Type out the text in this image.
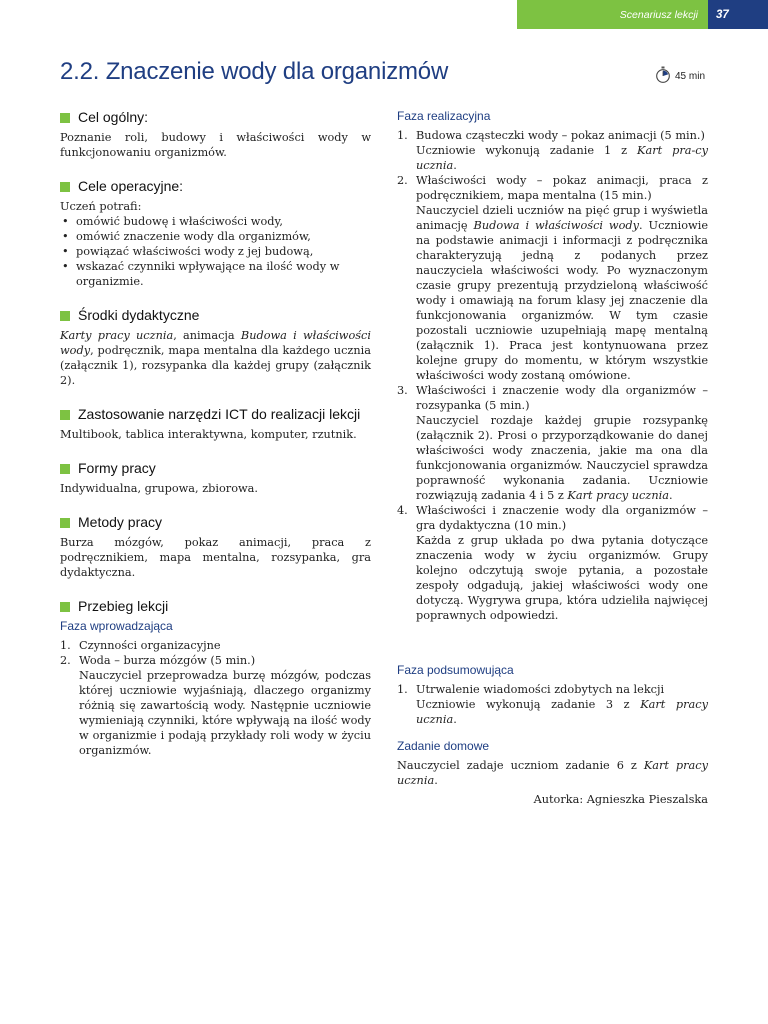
Scenariusz lekcji	37
2.2. Znaczenie wody dla organizmów	45 min
Cel ogólny:

Poznanie roli, budowy i właściwości wody w funkcjonowaniu organizmów.

Cele operacyjne:

Uczeń potrafi:

• omówić budowę i właściwości wody,
• omówić znaczenie wody dla organizmów,
• powiązać właściwości wody z jej budową,
• wskazać czynniki wpływające na ilość wody w organizmie.
Środki dydaktyczne

Karty pracy ucznia, animacja Budowa i właściwości wody, podręcznik, mapa mentalna dla każdego ucznia (załącznik 1), rozsypanka dla każdej grupy (załącznik 2).

Zastosowanie narzędzi ICT do realizacji lekcji

Multibook, tablica interaktywna, komputer, rzutnik.

Formy pracy

Indywidualna, grupowa, zbiorowa.

Metody pracy

Burza mózgów, pokaz animacji, praca z podręcznikiem, mapa mentalna, rozsypanka, gra dydaktyczna.

Przebieg lekcji
Faza wprowadzająca
1. Czynności organizacyjne
2. Woda – burza mózgów (5 min.)
Nauczyciel przeprowadza burzę mózgów, podczas której uczniowie wyjaśniają, dlaczego organizmy różnią się zawartością wody. Następnie uczniowie wymieniają czynniki, które wpływają na ilość wody w organizmie i podają przykłady roli wody w życiu organizmów.
Faza realizacyjna
1. Budowa cząsteczki wody – pokaz animacji (5 min.)
Uczniowie wykonują zadanie 1 z Kart pra-cy ucznia.
2. Właściwości wody – pokaz animacji, praca z podręcznikiem, mapa mentalna (15 min.)
Nauczyciel dzieli uczniów na pięć grup i wyświetla animację Budowa i właściwości wody. Uczniowie na podstawie animacji i informacji z podręcznika charakteryzują jedną z podanych przez nauczyciela właściwości wody. Po wyznaczonym czasie grupy prezentują przydzieloną właściwość wody i omawiają na forum klasy jej znaczenie dla funkcjonowania organizmów. W tym czasie pozostali uczniowie uzupełniają mapę mentalną (załącznik 1). Praca jest kontynuowana przez kolejne grupy do momentu, w którym wszystkie właściwości wody zostaną omówione.
3. Właściwości i znaczenie wody dla organizmów – rozsypanka (5 min.)
Nauczyciel rozdaje każdej grupie rozsypankę (załącznik 2). Prosi o przyporządkowanie do danej właściwości wody znaczenia, jakie ma ona dla funkcjonowania organizmów. Nauczyciel sprawdza poprawność wykonania zadania. Uczniowie rozwiązują zadania 4 i 5 z Kart pracy ucznia.
4. Właściwości i znaczenie wody dla organizmów – gra dydaktyczna (10 min.)
Każda z grup układa po dwa pytania dotyczące znaczenia wody w życiu organizmów. Grupy kolejno odczytują swoje pytania, a pozostałe zespoły odgadują, jakiej właściwości wody one dotyczą. Wygrywa grupa, która udzieliła najwięcej poprawnych odpowiedzi.
Faza podsumowująca
1. Utrwalenie wiadomości zdobytych na lekcji
Uczniowie wykonują zadanie 3 z Kart pracy ucznia.
Zadanie domowe

Nauczyciel zadaje uczniom zadanie 6 z Kart pracy ucznia.

Autorka: Agnieszka Pieszalska
